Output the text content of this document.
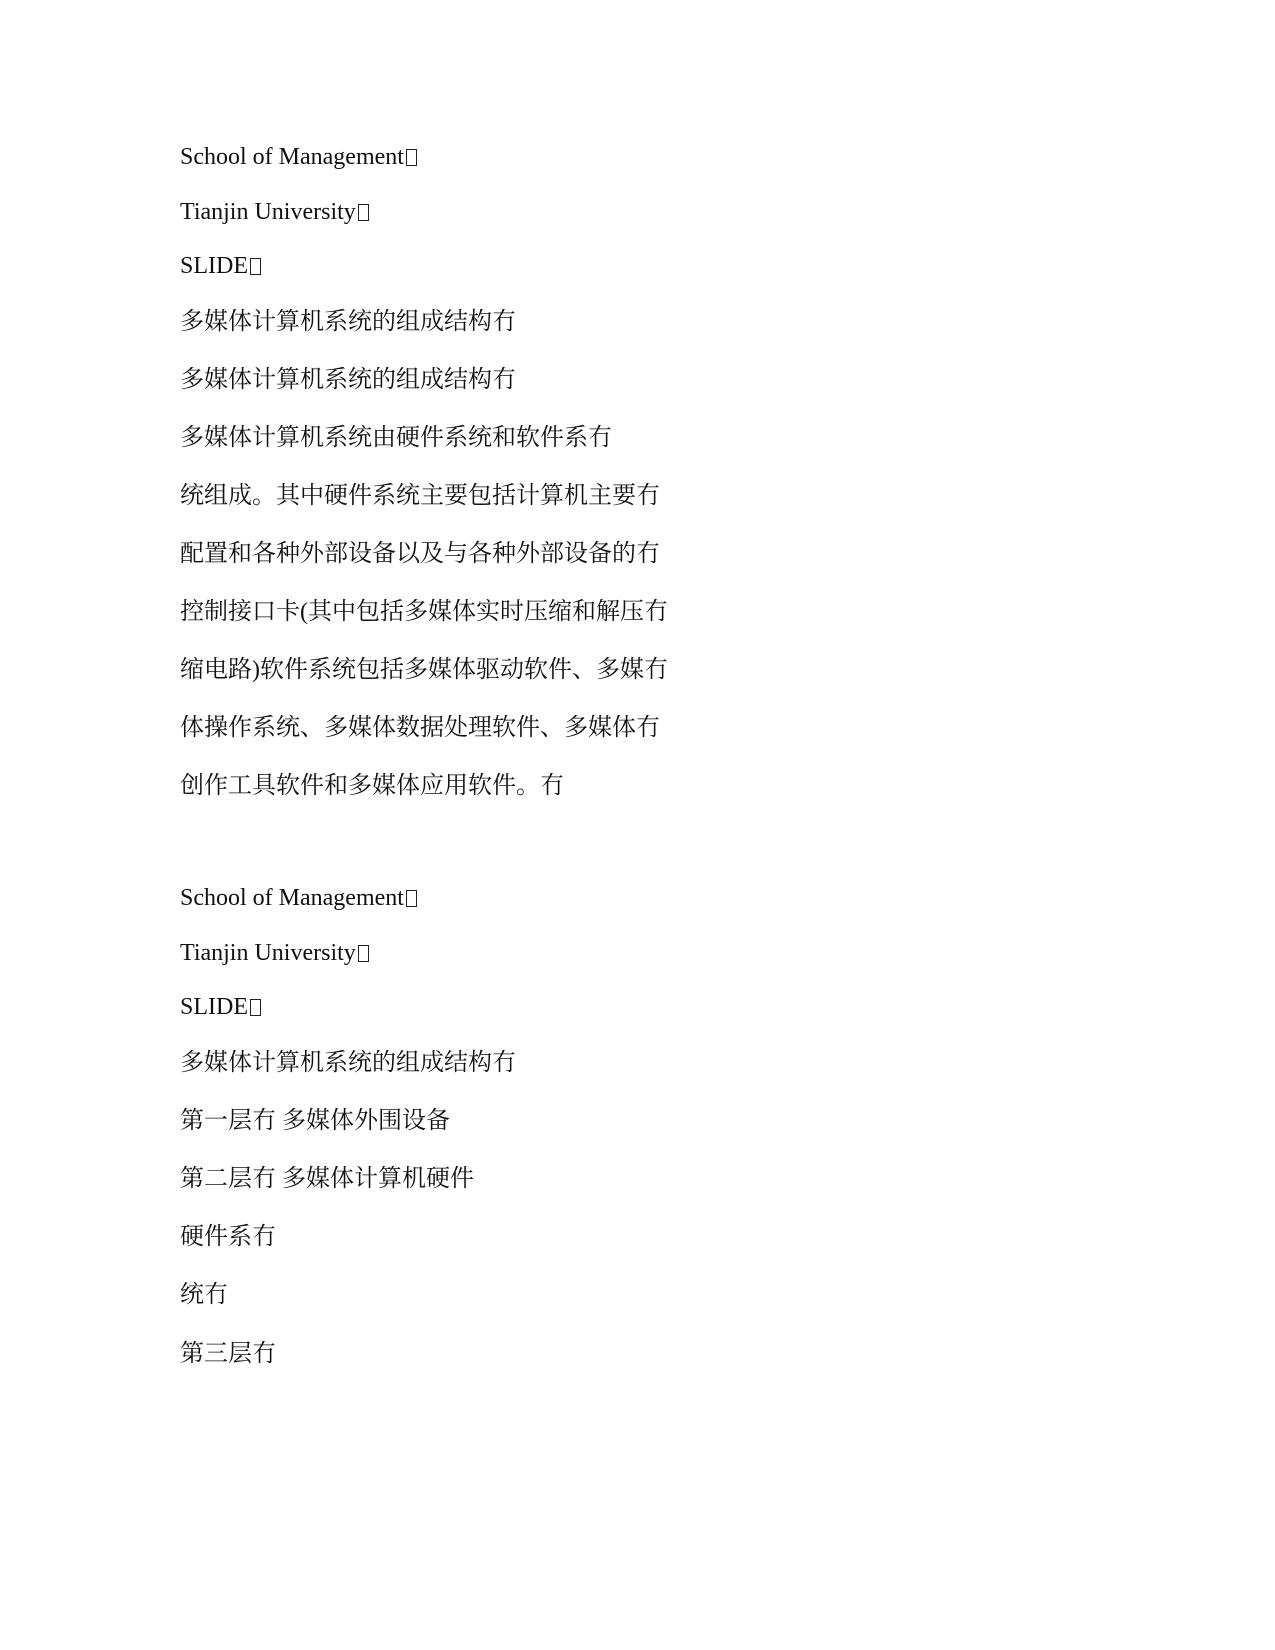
School of Management

Tianjin University

SLIDE

多媒体计算机系统的组成结构冇

多媒体计算机系统的组成结构冇

多媒体计算机系统由硬件系统和软件系冇

统组成。其中硬件系统主要包括计算机主要冇

配置和各种外部设备以及与各种外部设备的冇

控制接口卡(其中包括多媒体实时压缩和解压冇

缩电路)软件系统包括多媒体驱动软件、多媒冇

体操作系统、多媒体数据处理软件、多媒体冇

创作工具软件和多媒体应用软件。冇

School of Management

Tianjin University

SLIDE

多媒体计算机系统的组成结构冇

第一层冇 多媒体外围设备

第二层冇 多媒体计算机硬件

硬件系冇

统冇

第三层冇
